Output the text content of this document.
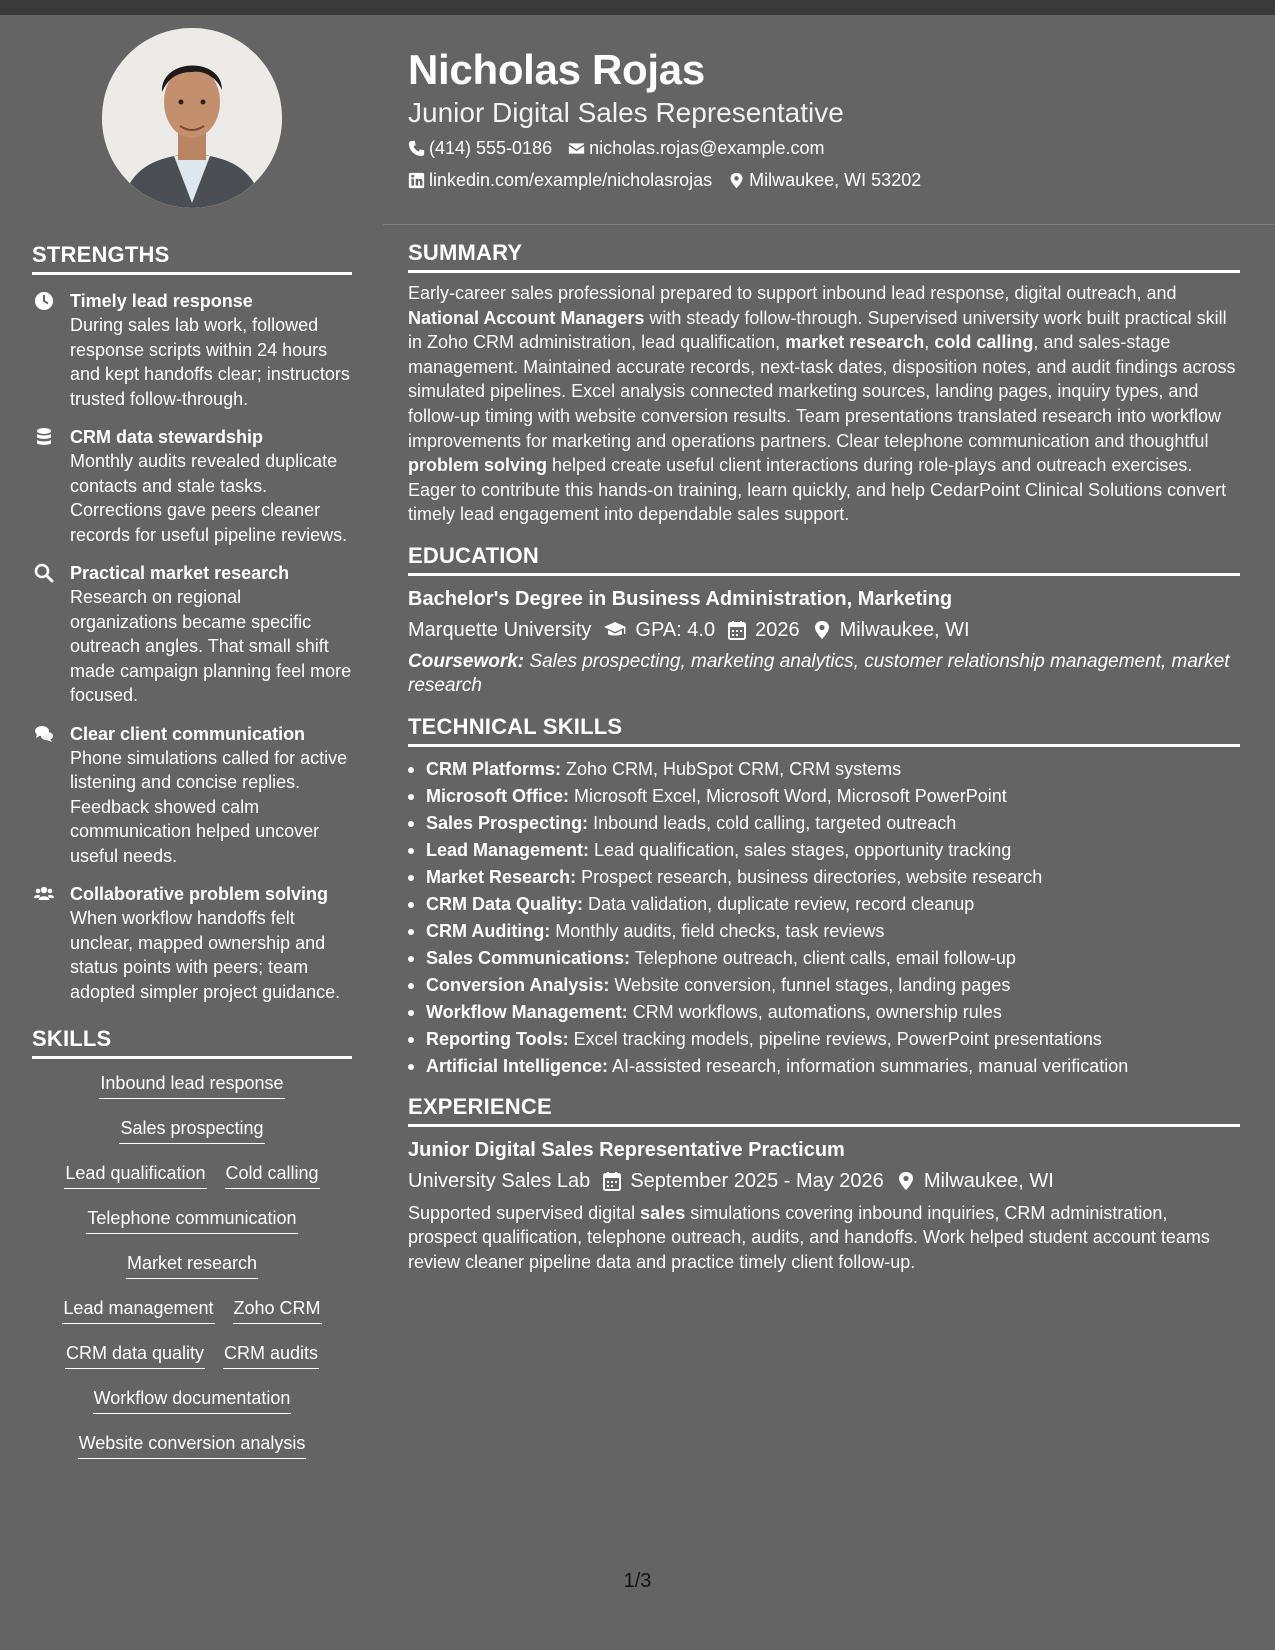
STRENGTHS
Timely lead response
During sales lab work, followed response scripts within 24 hours and kept handoffs clear; instructors trusted follow-through.
CRM data stewardship
Monthly audits revealed duplicate contacts and stale tasks. Corrections gave peers cleaner records for useful pipeline reviews.
Practical market research
Research on regional organizations became specific outreach angles. That small shift made campaign planning feel more focused.
Clear client communication
Phone simulations called for active listening and concise replies. Feedback showed calm communication helped uncover useful needs.
Collaborative problem solving
When workflow handoffs felt unclear, mapped ownership and status points with peers; team adopted simpler project guidance.
SKILLS
Inbound lead response
Sales prospecting
Lead qualification Cold calling
Telephone communication
Market research
Lead management Zoho CRM
CRM data quality CRM audits
Workflow documentation
Website conversion analysis
Nicholas Rojas
Junior Digital Sales Representative
(414) 555-0186 nicholas.rojas@example.com
linkedin.com/example/nicholasrojas Milwaukee, WI 53202
SUMMARY

Early-career sales professional prepared to support inbound lead response, digital outreach, and National Account Managers with steady follow-through. Supervised university work built practical skill in Zoho CRM administration, lead qualification, market research, cold calling, and sales-stage management. Maintained accurate records, next-task dates, disposition notes, and audit findings across simulated pipelines. Excel analysis connected marketing sources, landing pages, inquiry types, and follow-up timing with website conversion results. Team presentations translated research into workflow improvements for marketing and operations partners. Clear telephone communication and thoughtful problem solving helped create useful client interactions during role-plays and outreach exercises. Eager to contribute this hands-on training, learn quickly, and help CedarPoint Clinical Solutions convert timely lead engagement into dependable sales support.

EDUCATION
Bachelor's Degree in Business Administration, Marketing
Marquette University GPA: 4.0 2026 Milwaukee, WI
Coursework: Sales prospecting, marketing analytics, customer relationship management, market research
TECHNICAL SKILLS
CRM Platforms: Zoho CRM, HubSpot CRM, CRM systems
Microsoft Office: Microsoft Excel, Microsoft Word, Microsoft PowerPoint
Sales Prospecting: Inbound leads, cold calling, targeted outreach
Lead Management: Lead qualification, sales stages, opportunity tracking
Market Research: Prospect research, business directories, website research
CRM Data Quality: Data validation, duplicate review, record cleanup
CRM Auditing: Monthly audits, field checks, task reviews
Sales Communications: Telephone outreach, client calls, email follow-up
Conversion Analysis: Website conversion, funnel stages, landing pages
Workflow Management: CRM workflows, automations, ownership rules
Reporting Tools: Excel tracking models, pipeline reviews, PowerPoint presentations
Artificial Intelligence: AI-assisted research, information summaries, manual verification
EXPERIENCE
Junior Digital Sales Representative Practicum
University Sales Lab September 2025 - May 2026 Milwaukee, WI

Supported supervised digital sales simulations covering inbound inquiries, CRM administration, prospect qualification, telephone outreach, audits, and handoffs. Work helped student account teams review cleaner pipeline data and practice timely client follow-up.

1/3
